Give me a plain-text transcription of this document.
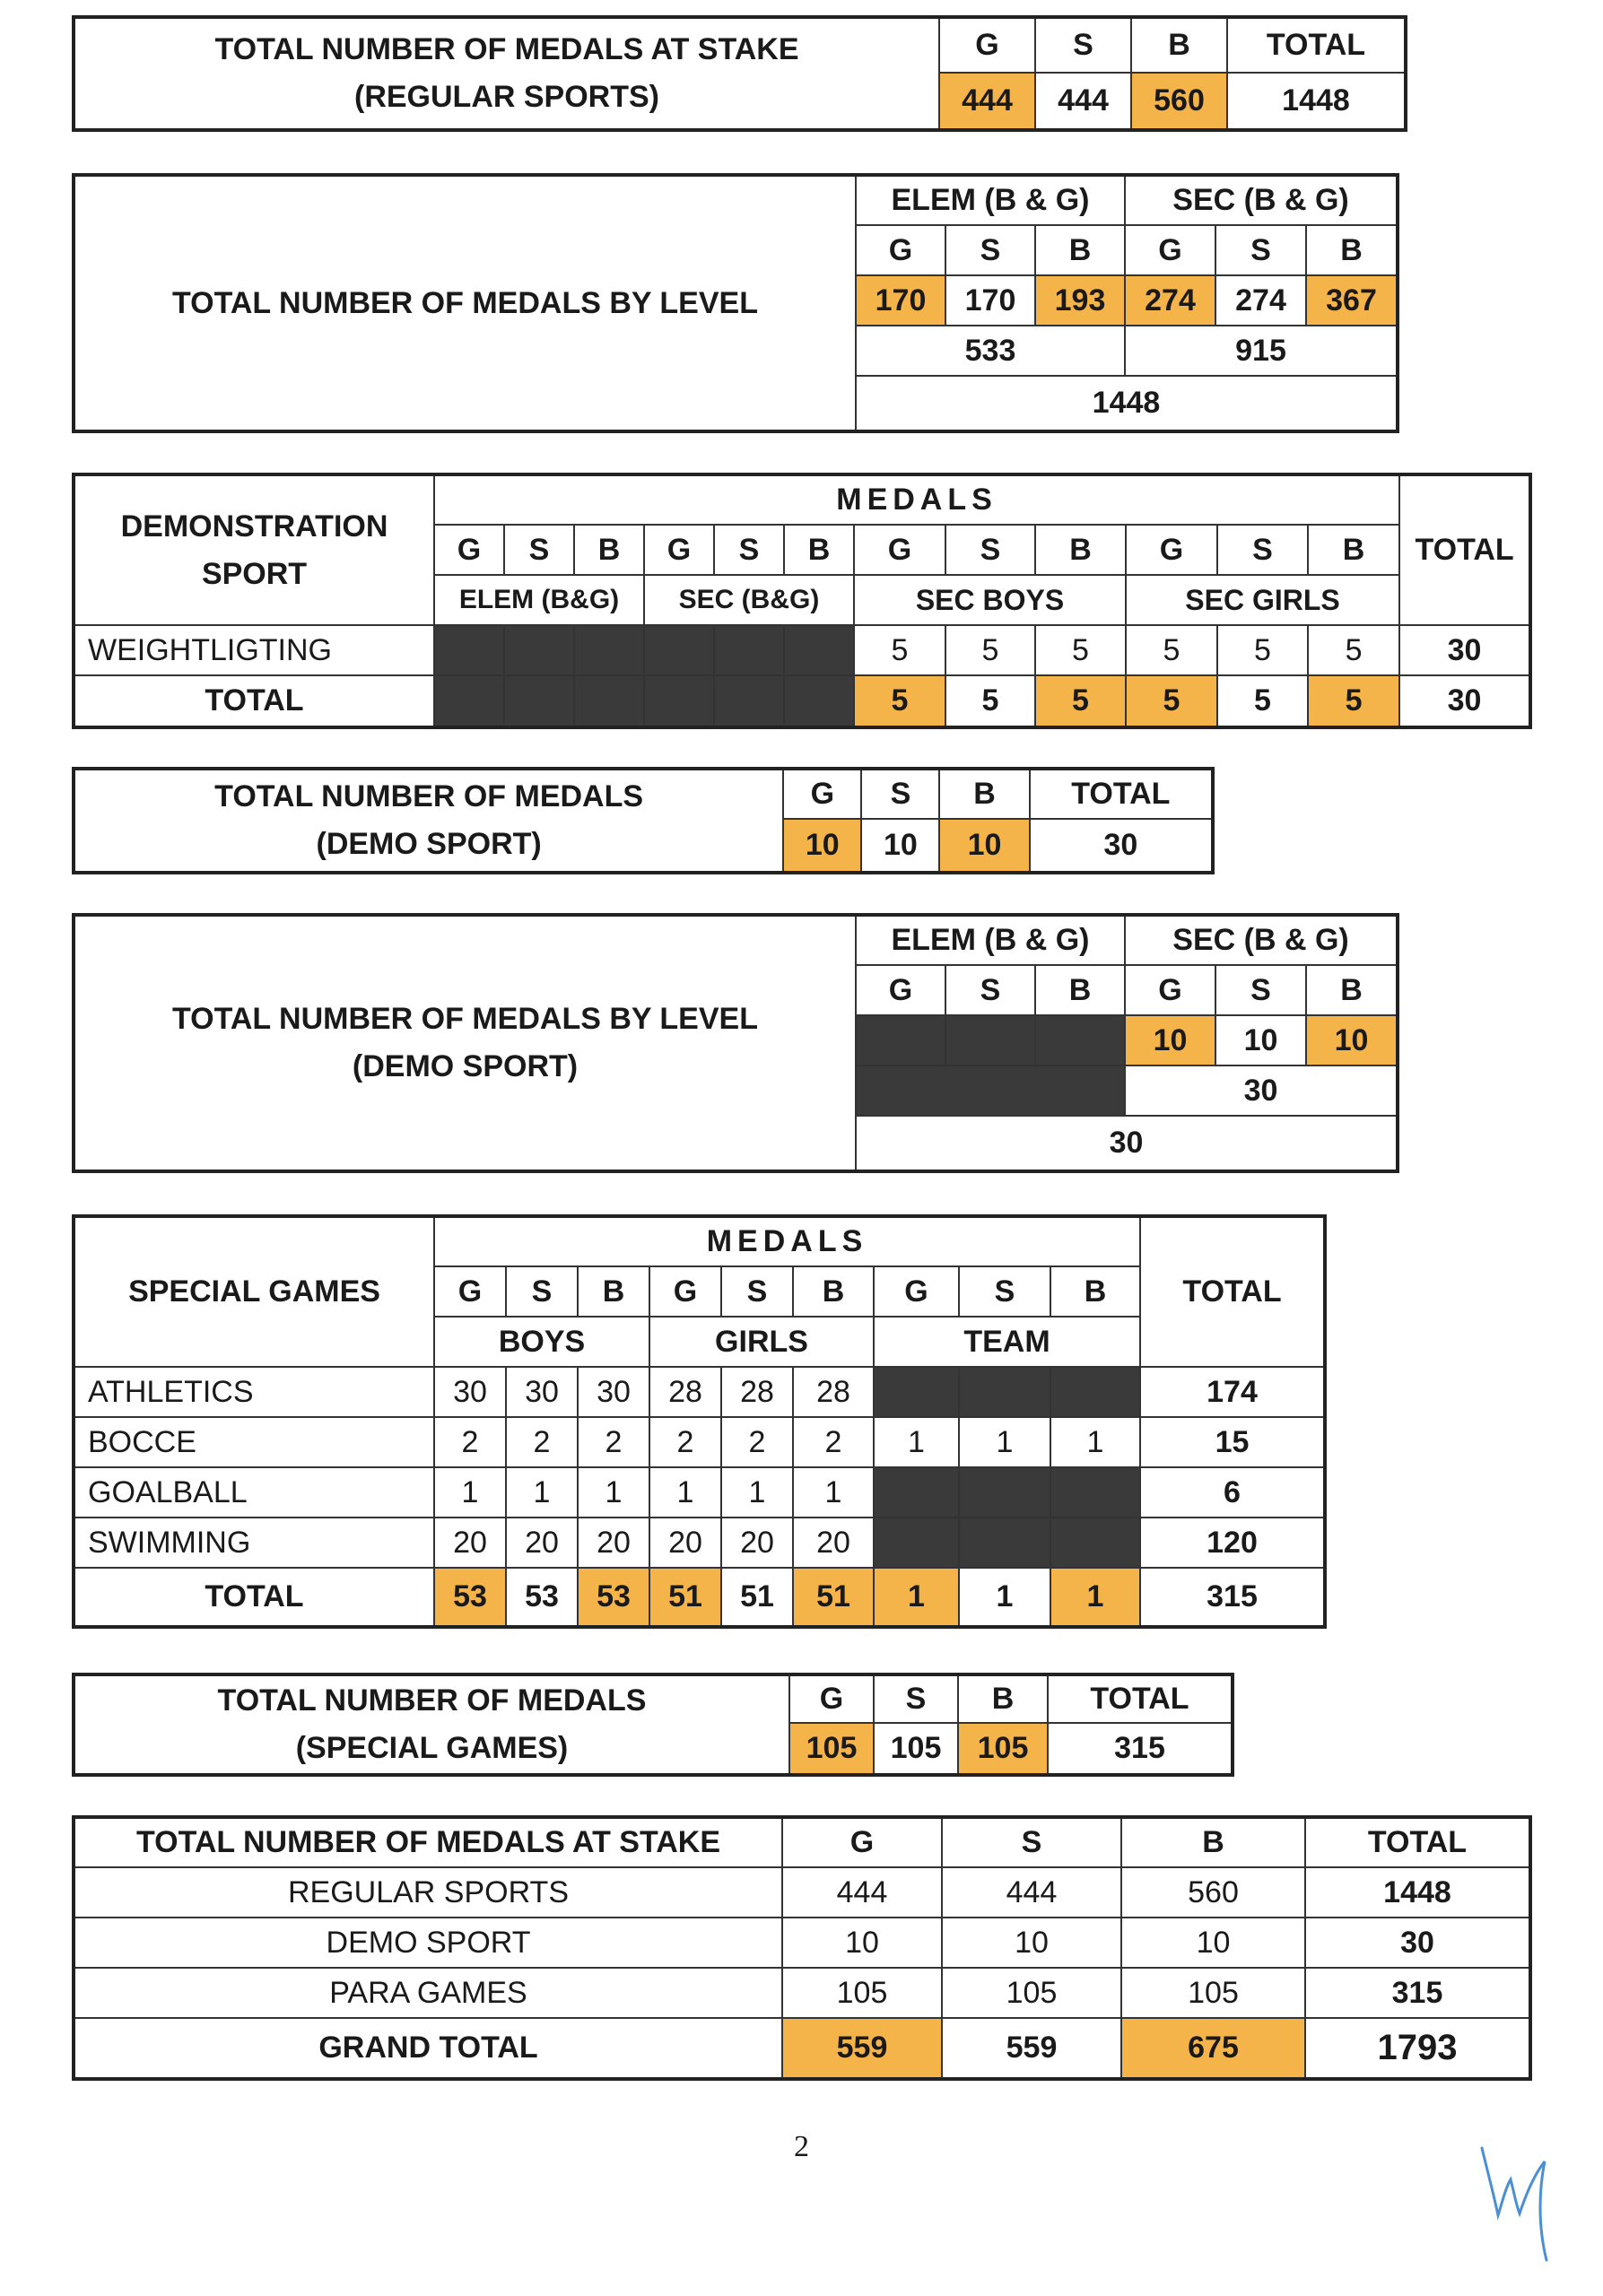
TOTAL NUMBER OF MEDALS AT STAKE
(REGULAR SPORTS)	G	S	B	TOTAL
	444	444	560	1448
TOTAL NUMBER OF MEDALS BY LEVEL	ELEM (B & G)			SEC (B & G)		
	G	S	B	G	S	B
	170	170	193	274	274	367
	533			915		
	1448					
DEMONSTRATION
SPORT	MEDALS												TOTAL
	G	S	B	G	S	B	G	S	B	G	S	B	
	ELEM (B&G)			SEC (B&G)			SEC BOYS			SEC GIRLS			
WEIGHTLIGTING							5	5	5	5	5	5	30
TOTAL							5	5	5	5	5	5	30
TOTAL NUMBER OF MEDALS
(DEMO SPORT)	G	S	B	TOTAL
	10	10	10	30
TOTAL NUMBER OF MEDALS BY LEVEL
(DEMO SPORT)	ELEM (B & G)			SEC (B & G)		
	G	S	B	G	S	B
				10	10	10
				30		
	30					
SPECIAL GAMES	MEDALS									TOTAL
	G	S	B	G	S	B	G	S	B	
	BOYS			GIRLS			TEAM			
ATHLETICS	30	30	30	28	28	28				174
BOCCE	2	2	2	2	2	2	1	1	1	15
GOALBALL	1	1	1	1	1	1				6
SWIMMING	20	20	20	20	20	20				120
TOTAL	53	53	53	51	51	51	1	1	1	315
TOTAL NUMBER OF MEDALS
(SPECIAL GAMES)	G	S	B	TOTAL
	105	105	105	315
TOTAL NUMBER OF MEDALS AT STAKE	G	S	B	TOTAL
REGULAR SPORTS	444	444	560	1448
DEMO SPORT	10	10	10	30
PARA GAMES	105	105	105	315
GRAND TOTAL	559	559	675	1793
2
